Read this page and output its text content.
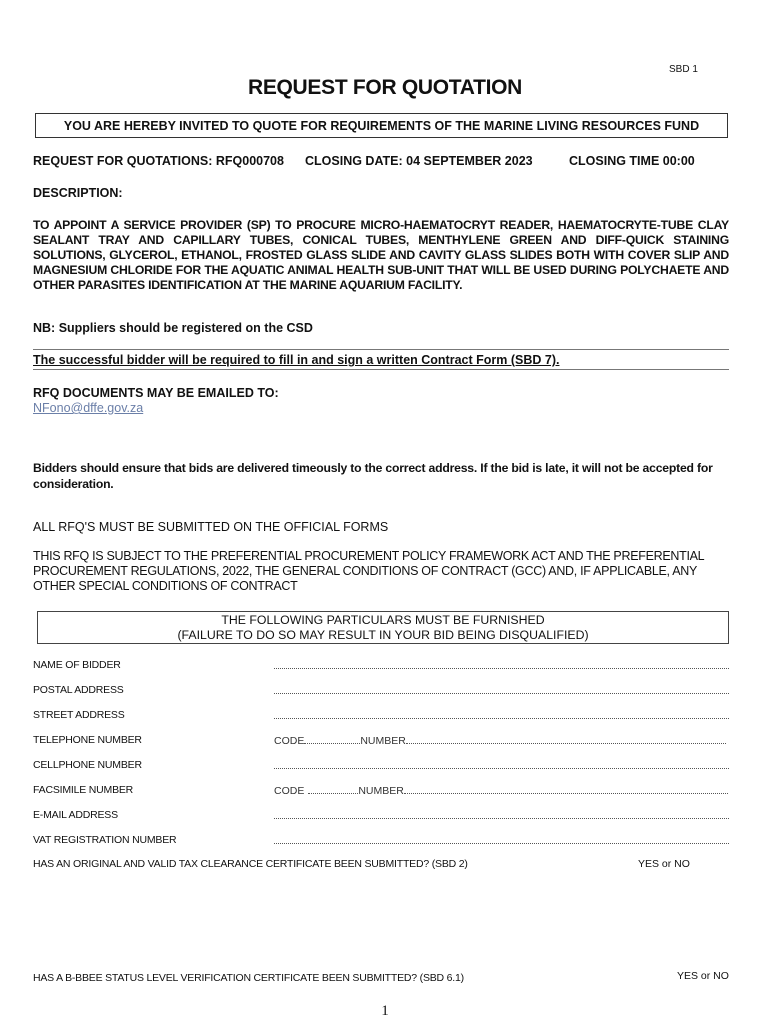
SBD 1
REQUEST FOR QUOTATION
YOU ARE HEREBY INVITED TO QUOTE FOR REQUIREMENTS OF THE MARINE LIVING RESOURCES FUND
REQUEST FOR QUOTATIONS: RFQ000708 CLOSING DATE: 04 SEPTEMBER 2023	CLOSING TIME 00:00
DESCRIPTION:
TO APPOINT A SERVICE PROVIDER (SP) TO PROCURE MICRO-HAEMATOCRYT READER, HAEMATOCRYTE-TUBE CLAY SEALANT TRAY AND CAPILLARY TUBES, CONICAL TUBES, MENTHYLENE GREEN AND DIFF-QUICK STAINING SOLUTIONS, GLYCEROL, ETHANOL, FROSTED GLASS SLIDE AND CAVITY GLASS SLIDES BOTH WITH COVER SLIP AND MAGNESIUM CHLORIDE FOR THE AQUATIC ANIMAL HEALTH SUB-UNIT THAT WILL BE USED DURING POLYCHAETE AND OTHER PARASITES IDENTIFICATION AT THE MARINE AQUARIUM FACILITY.
NB: Suppliers should be registered on the CSD
The successful bidder will be required to fill in and sign a written Contract Form (SBD 7).
RFQ DOCUMENTS MAY BE EMAILED TO:
NFono@dffe.gov.za
Bidders should ensure that bids are delivered timeously to the correct address. If the bid is late, it will not be accepted for consideration.
ALL RFQ'S MUST BE SUBMITTED ON THE OFFICIAL FORMS
THIS RFQ IS SUBJECT TO THE PREFERENTIAL PROCUREMENT POLICY FRAMEWORK ACT AND THE PREFERENTIAL PROCUREMENT REGULATIONS, 2022, THE GENERAL CONDITIONS OF CONTRACT (GCC) AND, IF APPLICABLE, ANY OTHER SPECIAL CONDITIONS OF CONTRACT
THE FOLLOWING PARTICULARS MUST BE FURNISHED
(FAILURE TO DO SO MAY RESULT IN YOUR BID BEING DISQUALIFIED)
NAME OF BIDDER
POSTAL ADDRESS
STREET ADDRESS
TELEPHONE NUMBER	CODE	NUMBER
CELLPHONE NUMBER
FACSIMILE NUMBER	CODE	NUMBER
E-MAIL ADDRESS
VAT REGISTRATION NUMBER
HAS AN ORIGINAL AND VALID TAX CLEARANCE CERTIFICATE BEEN SUBMITTED? (SBD 2)	YES or NO
HAS A B-BBEE STATUS LEVEL VERIFICATION CERTIFICATE BEEN SUBMITTED? (SBD 6.1)	YES or NO
1
